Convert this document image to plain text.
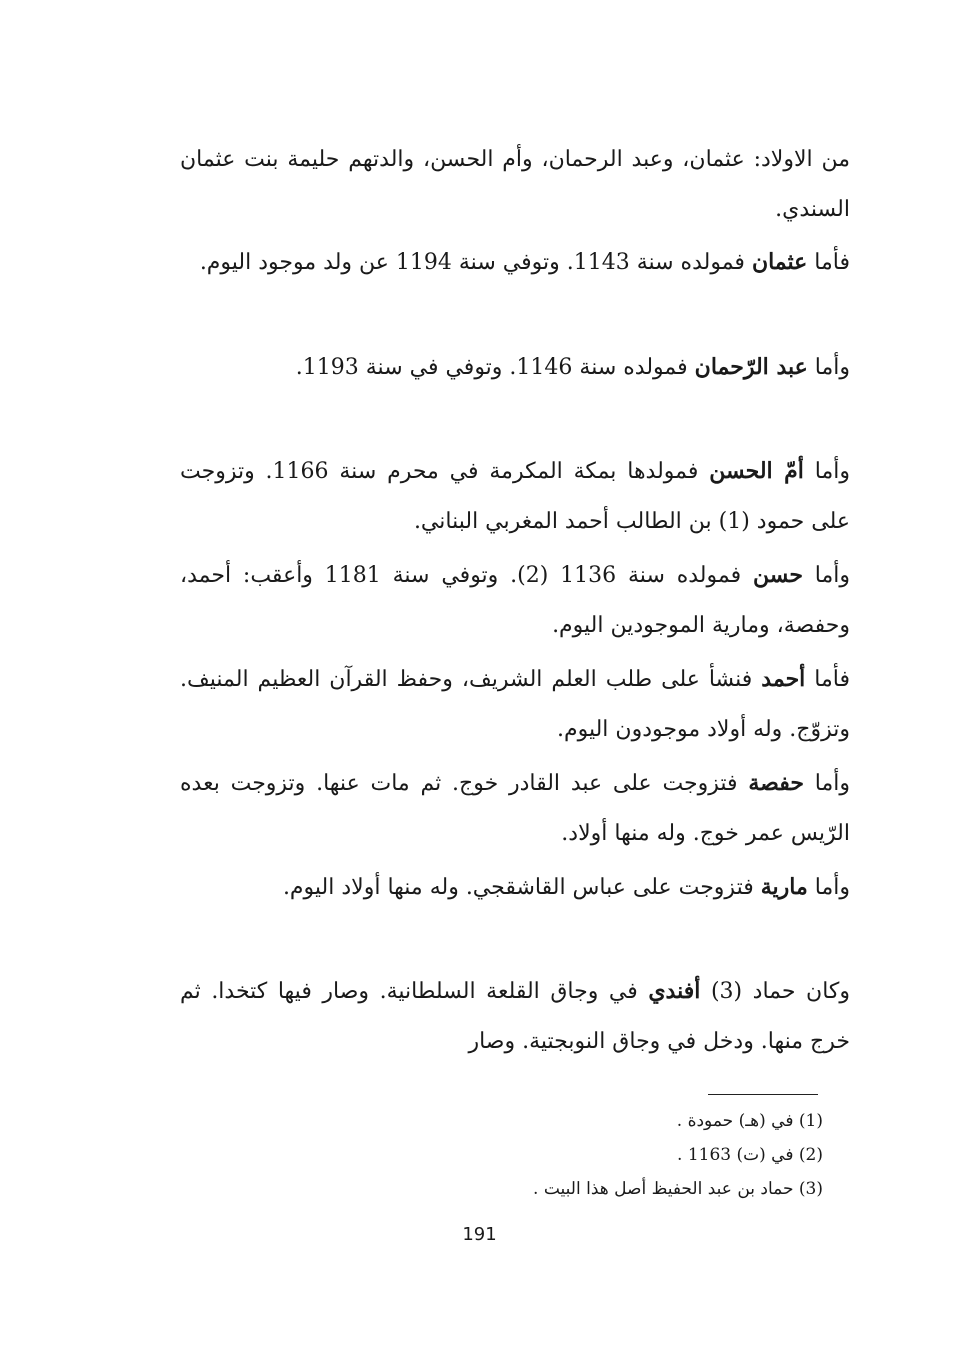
من الاولاد: عثمان، وعبد الرحمان، وأم الحسن، والدتهم حليمة بنت عثمان السندي.

فأما عثمان فمولده سنة 1143. وتوفي سنة 1194 عن ولد موجود اليوم.

وأما عبد الرّحمان فمولده سنة 1146. وتوفي في سنة 1193.

وأما أمّ الحسن فمولدها بمكة المكرمة في محرم سنة 1166. وتزوجت على حمود (1) بن الطالب أحمد المغربي البناني.

وأما حسن فمولده سنة 1136 (2). وتوفي سنة 1181 وأعقب: أحمد، وحفصة، ومارية الموجودين اليوم.

فأما أحمد فنشأ على طلب العلم الشريف، وحفظ القرآن العظيم المنيف. وتزوّج. وله أولاد موجودون اليوم.

وأما حفصة فتزوجت على عبد القادر خوج. ثم مات عنها. وتزوجت بعده الرّيس عمر خوج. وله منها أولاد.

وأما مارية فتزوجت على عباس القاشقجي. وله منها أولاد اليوم.

وكان حماد (3) أفندي في وجاق القلعة السلطانية. وصار فيها كتخدا. ثم خرج منها. ودخل في وجاق النوبجتية. وصار

(1) في (هـ) حمودة .

(2) في (ت) 1163 .

(3) حماد بن عبد الحفيظ أصل هذا البيت .

191
